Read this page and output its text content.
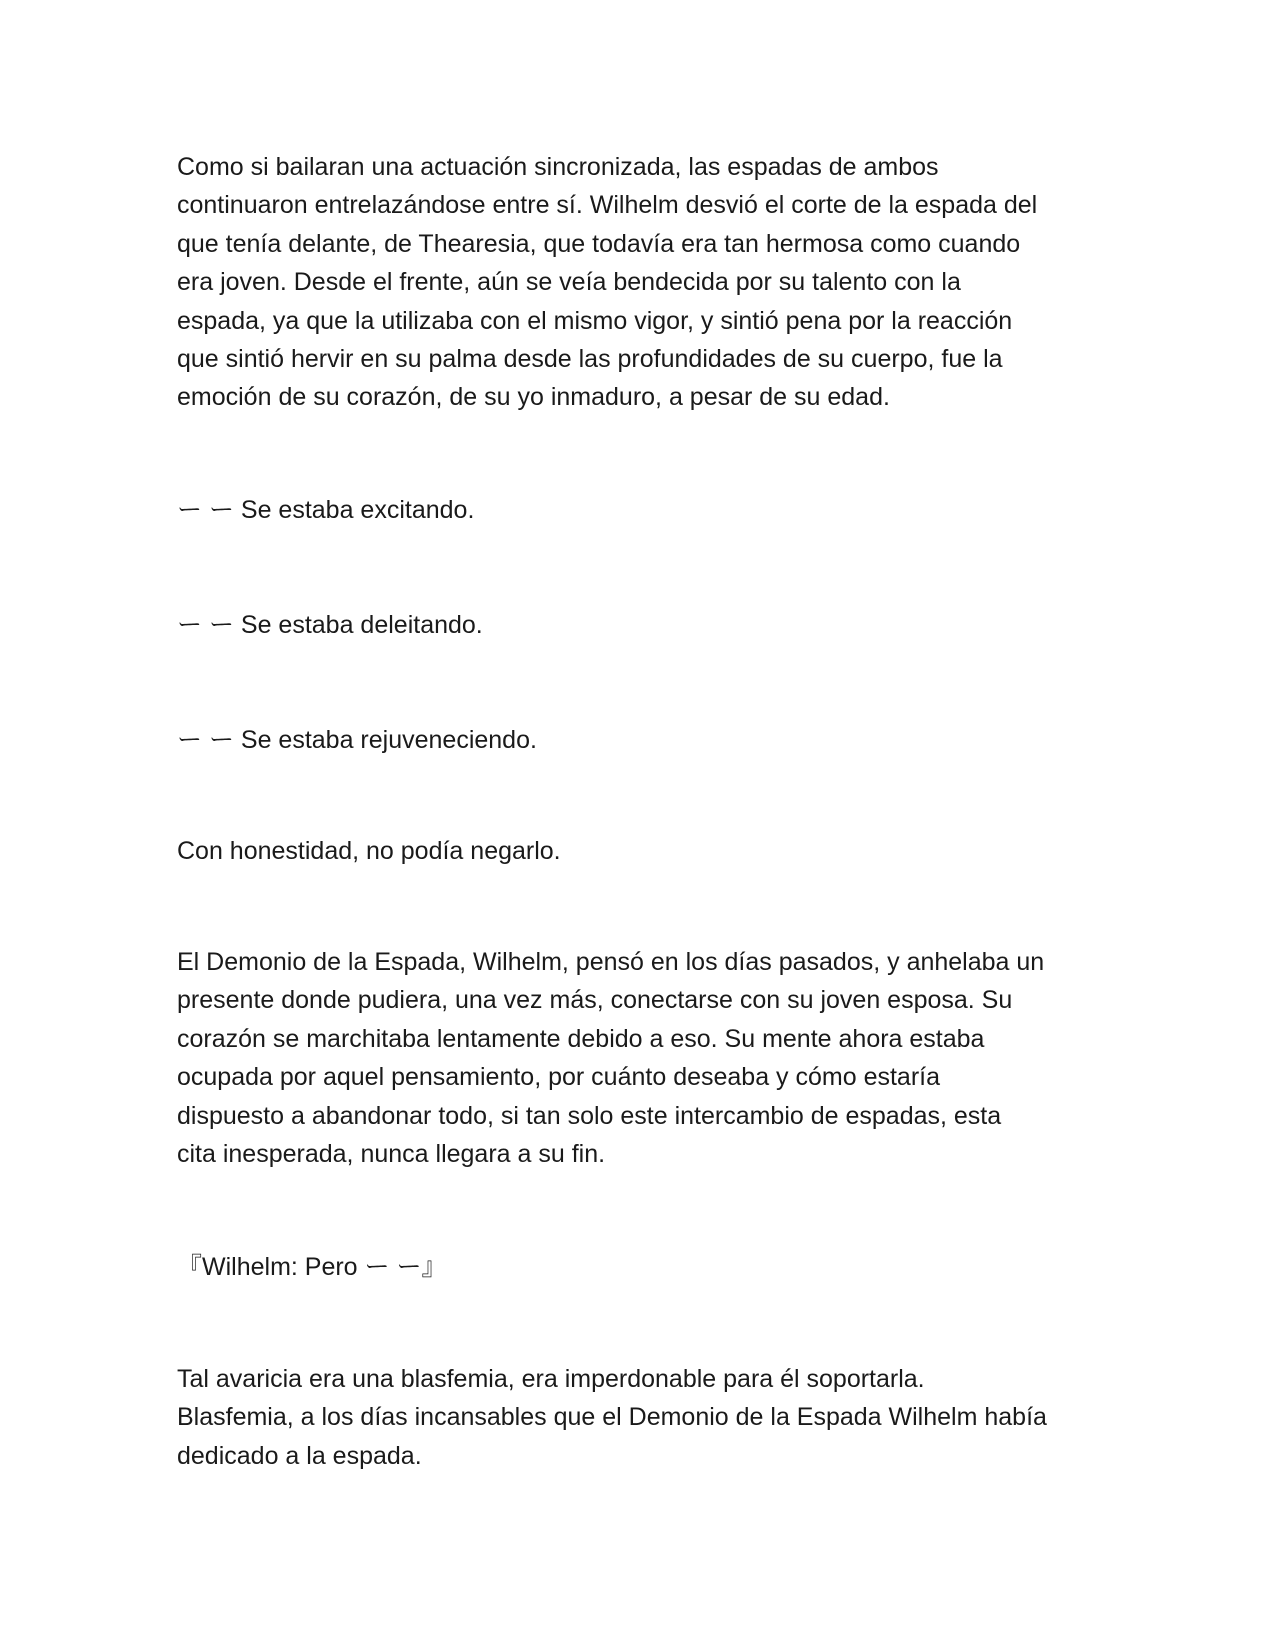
Como si bailaran una actuación sincronizada, las espadas de ambos
continuaron entrelazándose entre sí. Wilhelm desvió el corte de la espada del
que tenía delante, de Thearesia, que todavía era tan hermosa como cuando
era joven. Desde el frente, aún se veía bendecida por su talento con la
espada, ya que la utilizaba con el mismo vigor, y sintió pena por la reacción
que sintió hervir en su palma desde las profundidades de su cuerpo, fue la
emoción de su corazón, de su yo inmaduro, a pesar de su edad.
ー ー Se estaba excitando.
ー ー Se estaba deleitando.
ー ー Se estaba rejuveneciendo.
Con honestidad, no podía negarlo.
El Demonio de la Espada, Wilhelm, pensó en los días pasados, y anhelaba un
presente donde pudiera, una vez más, conectarse con su joven esposa. Su
corazón se marchitaba lentamente debido a eso. Su mente ahora estaba
ocupada por aquel pensamiento, por cuánto deseaba y cómo estaría
dispuesto a abandonar todo, si tan solo este intercambio de espadas, esta
cita inesperada, nunca llegara a su fin.
『Wilhelm: Pero ー ー』
Tal avaricia era una blasfemia, era imperdonable para él soportarla.
Blasfemia, a los días incansables que el Demonio de la Espada Wilhelm había
dedicado a la espada.
